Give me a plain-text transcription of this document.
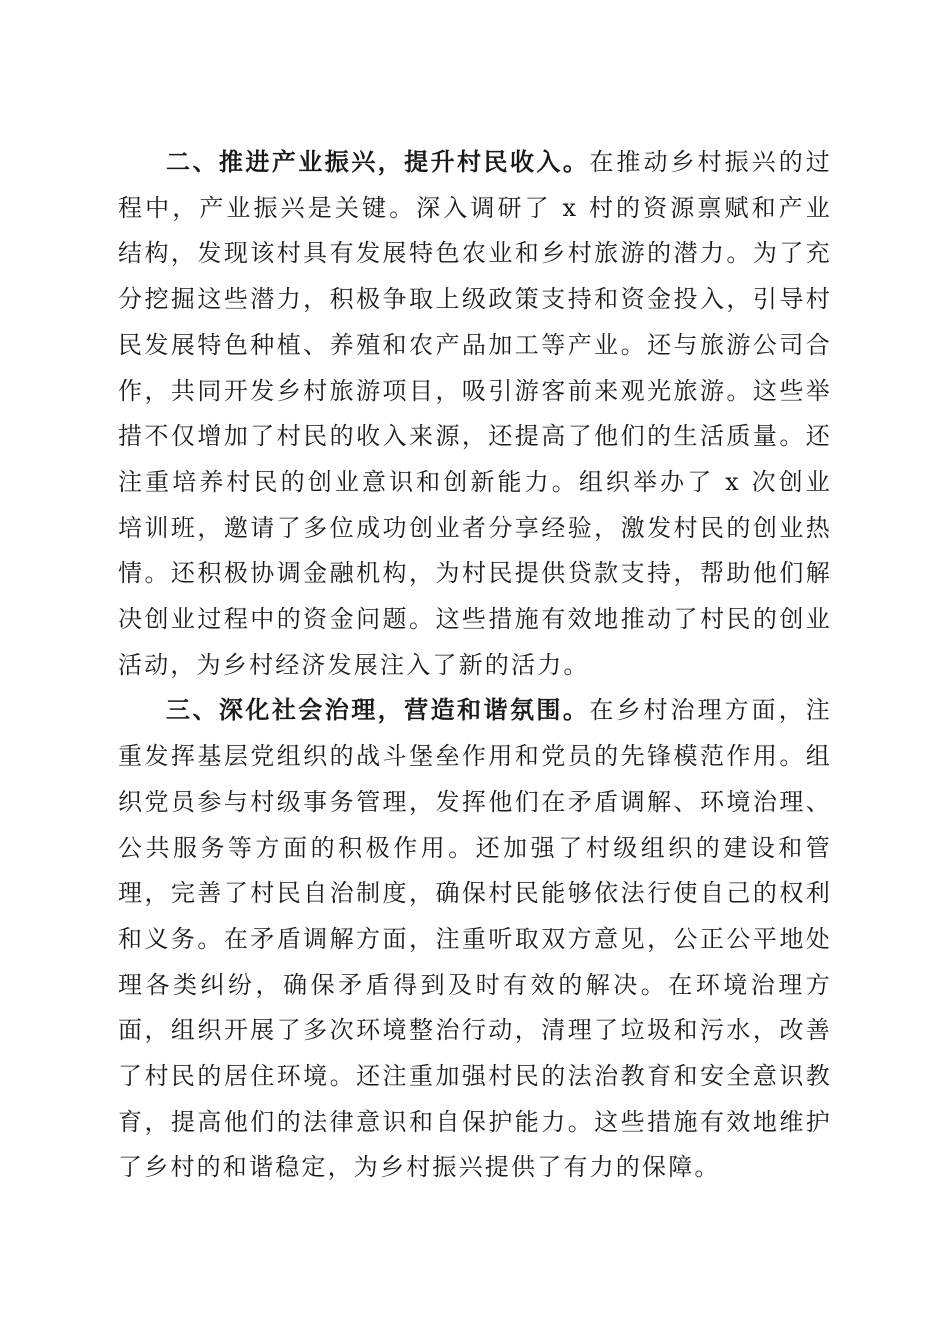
二、推进产业振兴，提升村民收入。在推动乡村振兴的过程中，产业振兴是关键。深入调研了 x 村的资源禀赋和产业结构，发现该村具有发展特色农业和乡村旅游的潜力。为了充分挖掘这些潜力，积极争取上级政策支持和资金投入，引导村民发展特色种植、养殖和农产品加工等产业。还与旅游公司合作，共同开发乡村旅游项目，吸引游客前来观光旅游。这些举措不仅增加了村民的收入来源，还提高了他们的生活质量。还注重培养村民的创业意识和创新能力。组织举办了 x 次创业培训班，邀请了多位成功创业者分享经验，激发村民的创业热情。还积极协调金融机构，为村民提供贷款支持，帮助他们解决创业过程中的资金问题。这些措施有效地推动了村民的创业活动，为乡村经济发展注入了新的活力。

三、深化社会治理，营造和谐氛围。在乡村治理方面，注重发挥基层党组织的战斗堡垒作用和党员的先锋模范作用。组织党员参与村级事务管理，发挥他们在矛盾调解、环境治理、公共服务等方面的积极作用。还加强了村级组织的建设和管理，完善了村民自治制度，确保村民能够依法行使自己的权利和义务。在矛盾调解方面，注重听取双方意见，公正公平地处理各类纠纷，确保矛盾得到及时有效的解决。在环境治理方面，组织开展了多次环境整治行动，清理了垃圾和污水，改善了村民的居住环境。还注重加强村民的法治教育和安全意识教育，提高他们的法律意识和自保护能力。这些措施有效地维护了乡村的和谐稳定，为乡村振兴提供了有力的保障。
